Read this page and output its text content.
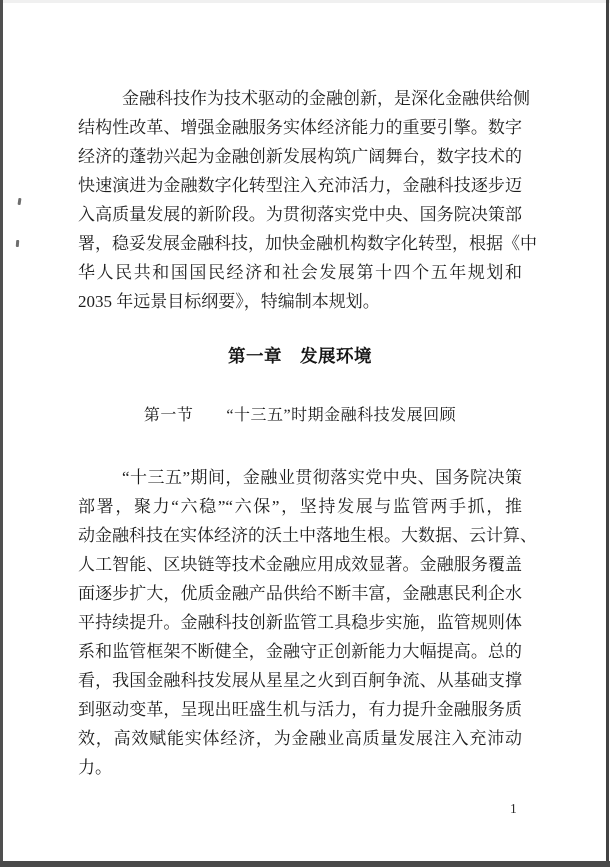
金融科技作为技术驱动的金融创新，是深化金融供给侧
结构性改革、增强金融服务实体经济能力的重要引擎。数字
经济的蓬勃兴起为金融创新发展构筑广阔舞台，数字技术的
快速演进为金融数字化转型注入充沛活力，金融科技逐步迈
入高质量发展的新阶段。为贯彻落实党中央、国务院决策部
署，稳妥发展金融科技，加快金融机构数字化转型，根据《中
华人民共和国国民经济和社会发展第十四个五年规划和
2035 年远景目标纲要》，特编制本规划。
第一章　发展环境
第一节　　“十三五”时期金融科技发展回顾
“十三五”期间，金融业贯彻落实党中央、国务院决策
部署，聚力“六稳”“六保”，坚持发展与监管两手抓，推
动金融科技在实体经济的沃土中落地生根。大数据、云计算、
人工智能、区块链等技术金融应用成效显著。金融服务覆盖
面逐步扩大，优质金融产品供给不断丰富，金融惠民利企水
平持续提升。金融科技创新监管工具稳步实施，监管规则体
系和监管框架不断健全，金融守正创新能力大幅提高。总的
看，我国金融科技发展从星星之火到百舸争流、从基础支撑
到驱动变革，呈现出旺盛生机与活力，有力提升金融服务质
效，高效赋能实体经济，为金融业高质量发展注入充沛动力。
1
